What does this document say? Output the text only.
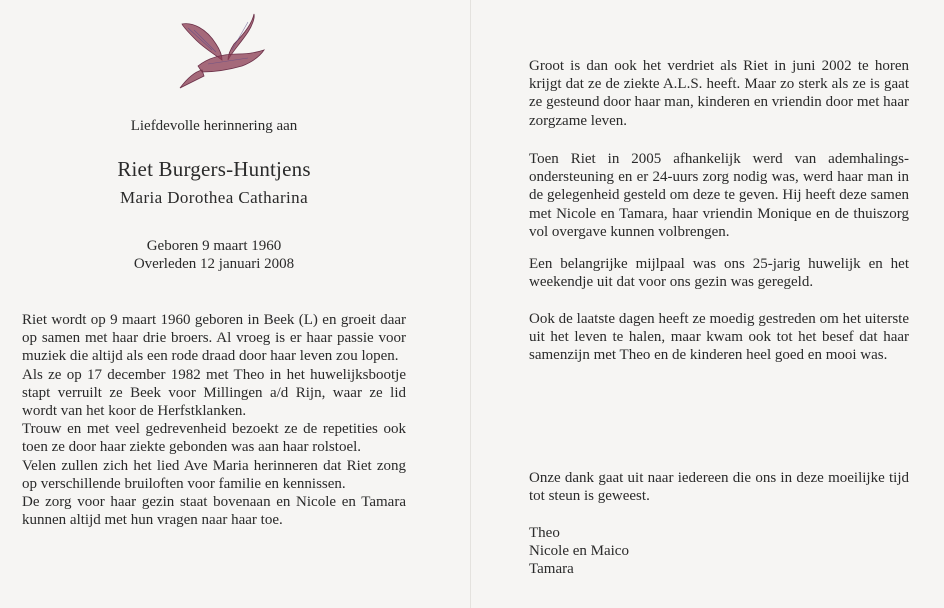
Liefdevolle herinnering aan
Riet Burgers-Huntjens
Maria Dorothea Catharina
Geboren 9 maart 1960
Overleden 12 januari 2008

Riet wordt op 9 maart 1960 geboren in Beek (L) en groeit daar op samen met haar drie broers. Al vroeg is er haar passie voor muziek die altijd als een rode draad door haar leven zou lopen.

Als ze op 17 december 1982 met Theo in het huwelijksbootje stapt verruilt ze Beek voor Millingen a/d Rijn, waar ze lid wordt van het koor de Herfstklanken.

Trouw en met veel gedrevenheid bezoekt ze de repetities ook toen ze door haar ziekte gebonden was aan haar rolstoel.

Velen zullen zich het lied Ave Maria herinneren dat Riet zong op verschillende bruiloften voor familie en kennissen.

De zorg voor haar gezin staat bovenaan en Nicole en Tamara kunnen altijd met hun vragen naar haar toe.

Groot is dan ook het verdriet als Riet in juni 2002 te horen krijgt dat ze de ziekte A.L.S. heeft. Maar zo sterk als ze is gaat ze gesteund door haar man, kinderen en vriendin door met haar zorgzame leven.

Toen Riet in 2005 afhankelijk werd van ademhalings-ondersteuning en er 24-uurs zorg nodig was, werd haar man in de gelegenheid gesteld om deze te geven. Hij heeft deze samen met Nicole en Tamara, haar vriendin Monique en de thuiszorg vol overgave kunnen volbrengen.

Een belangrijke mijlpaal was ons 25-jarig huwelijk en het weekendje uit dat voor ons gezin was geregeld.

Ook de laatste dagen heeft ze moedig gestreden om het uiterste uit het leven te halen, maar kwam ook tot het besef dat haar samenzijn met Theo en de kinderen heel goed en mooi was.

Onze dank gaat uit naar iedereen die ons in deze moeilijke tijd tot steun is geweest.

Theo
Nicole en Maico
Tamara
